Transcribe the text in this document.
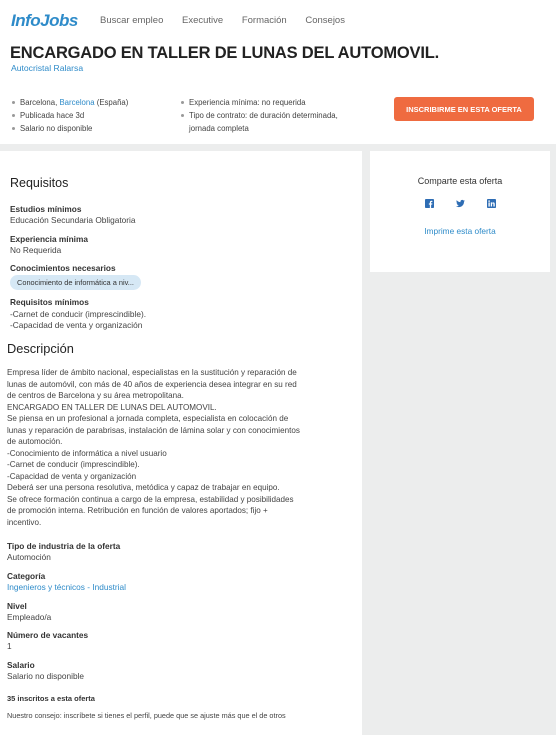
InfoJobs Buscar empleo Executive Formación Consejos
ENCARGADO EN TALLER DE LUNAS DEL AUTOMOVIL.
Autocristal Ralarsa
Barcelona, Barcelona (España)
Publicada hace 3d
Salario no disponible
Experiencia mínima: no requerida
Tipo de contrato: de duración determinada,
jornada completa
INSCRIBIRME EN ESTA OFERTA
Comparte esta oferta
Imprime esta oferta
Requisitos
Estudios mínimos
Educación Secundaria Obligatoria
Experiencia mínima
No Requerida
Conocimientos necesarios
Conocimiento de informática a niv...
Requisitos mínimos
-Carnet de conducir (imprescindible).
-Capacidad de venta y organización
Descripción
Empresa líder de ámbito nacional, especialistas en la sustitución y reparación de
lunas de automóvil, con más de 40 años de experiencia desea integrar en su red
de centros de Barcelona y su área metropolitana.
ENCARGADO EN TALLER DE LUNAS DEL AUTOMOVIL.
Se piensa en un profesional a jornada completa, especialista en colocación de
lunas y reparación de parabrisas, instalación de lámina solar y con conocimientos
de automoción.
-Conocimiento de informática a nivel usuario
-Carnet de conducir (imprescindible).
-Capacidad de venta y organización
Deberá ser una persona resolutiva, metódica y capaz de trabajar en equipo.
Se ofrece formación continua a cargo de la empresa, estabilidad y posibilidades
de promoción interna. Retribución en función de valores aportados; fijo +
incentivo.
Tipo de industria de la oferta
Automoción
Categoría
Ingenieros y técnicos - Industrial
Nivel
Empleado/a
Número de vacantes
1
Salario
Salario no disponible
35 inscritos a esta oferta
Nuestro consejo: inscríbete si tienes el perfil, puede que se ajuste más que el de otros
